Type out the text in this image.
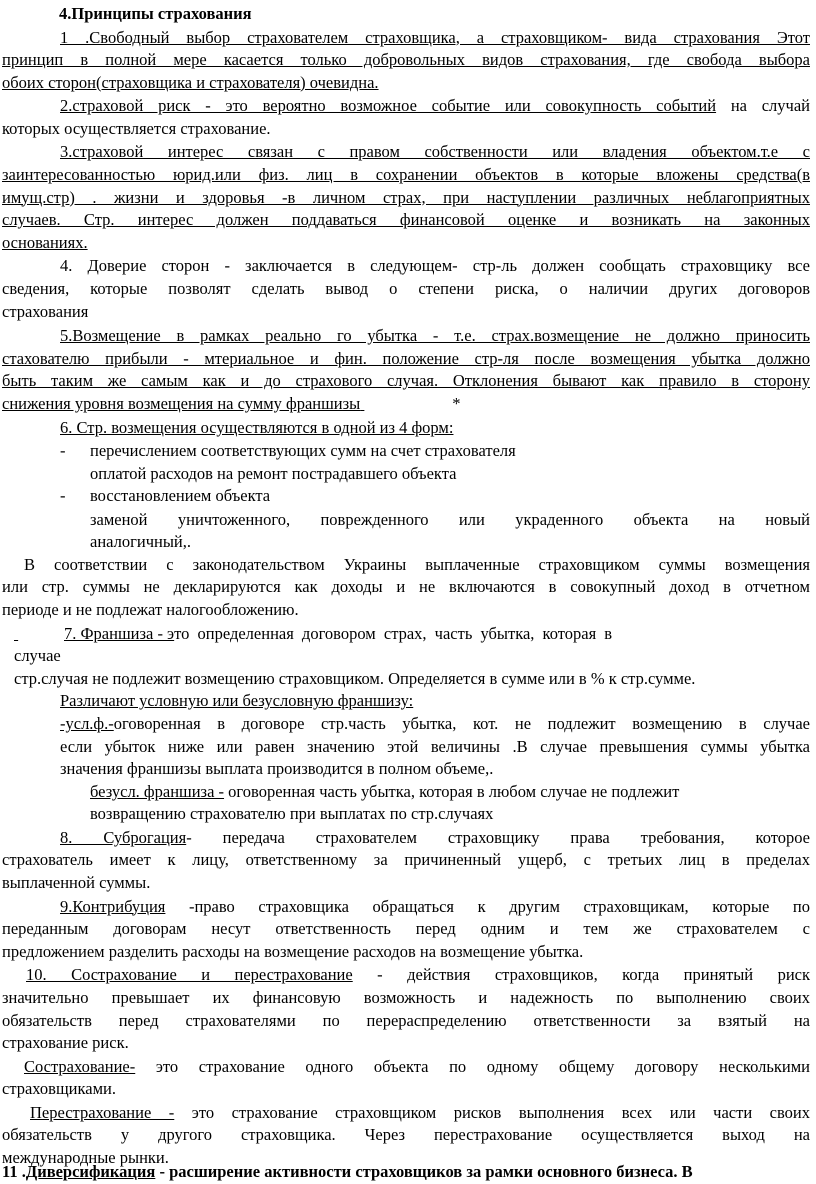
4.Принципы страхования
1 .Свободный выбор страхователем страховщика, а страховщиком- вида страхования Этот
принцип в полной мере касается только добровольных видов страхования, где свобода выбора
обоих сторон(страховщика и страхователя) очевидна.
2.страховой риск - это вероятно возможное событие или совокупность событий на случай
которых осуществляется страхование.
3.страховой интерес связан с правом собственности или владения объектом.т.е с
заинтересованностью юрид.или физ. лиц в сохранении объектов в которые вложены средства(в
имущ.стр) . жизни и здоровья -в личном страх, при наступлении различных неблагоприятных
случаев. Стр. интерес должен поддаваться финансовой оценке и возникать на законных
основаниях.
4. Доверие сторон - заключается в следующем- стр-ль должен сообщать страховщику все
сведения, которые позволят сделать вывод о степени риска, о наличии других договоров
страхования
5.Возмещение в рамках реально го убытка - т.е. страх.возмещение не должно приносить
стахователю прибыли - мтериальное и фин. положение стр-ля после возмещения убытка должно
быть таким же самым как и до страхового случая. Отклонения бывают как правило в сторону
снижения уровня возмещения на сумму франшизы	*
6. Стр. возмещения осуществляются в одной из 4 форм:
- перечислением соответствующих сумм на счет страхователя
оплатой расходов на ремонт пострадавшего объекта
- восстановлением объекта
заменой уничтоженного, поврежденного или украденного объекта на новый
аналогичный,.
В соответствии с законодательством Украины выплаченные страховщиком суммы возмещения
или стр. суммы не декларируются как доходы и не включаются в совокупный доход в отчетном
периоде и не подлежат налогообложению.
7. Франшиза - это определенная договором страх, часть убытка, которая в
случае
стр.случая не подлежит возмещению страховщиком. Определяется в сумме или в % к стр.сумме.
Различают условную или безусловную франшизу:
-усл.ф.-оговоренная в договоре стр.часть убытка, кот. не подлежит возмещению в случае
если убыток ниже или равен значению этой величины .В случае превышения суммы убытка
значения франшизы выплата производится в полном объеме,.
безусл. франшиза - оговоренная часть убытка, которая в любом случае не подлежит
возвращению страхователю при выплатах по стр.случаях
8. Суброгация- передача страхователем страховщику права требования, которое
страхователь имеет к лицу, ответственному за причиненный ущерб, с третьих лиц в пределах
выплаченной суммы.
9.Контрибуция -право страховщика обращаться к другим страховщикам, которые по
переданным договорам несут ответственность перед одним и тем же страхователем с
предложением разделить расходы на возмещение расходов на возмещение убытка.
10. Сострахование и перестрахование - действия страховщиков, когда принятый риск
значительно превышает их финансовую возможность и надежность по выполнению своих
обязательств перед страхователями по перераспределению ответственности за взятый на
страхование риск.
Сострахование- это страхование одного объекта по одному общему договору несколькими
страховщиками.
Перестрахование - это страхование страховщиком рисков выполнения всех или части своих
обязательств у другого страховщика. Через перестрахование осуществляется выход на
международные рынки.
11 .Диверсификация - расширение активности страховщиков за рамки основного бизнеса. В
